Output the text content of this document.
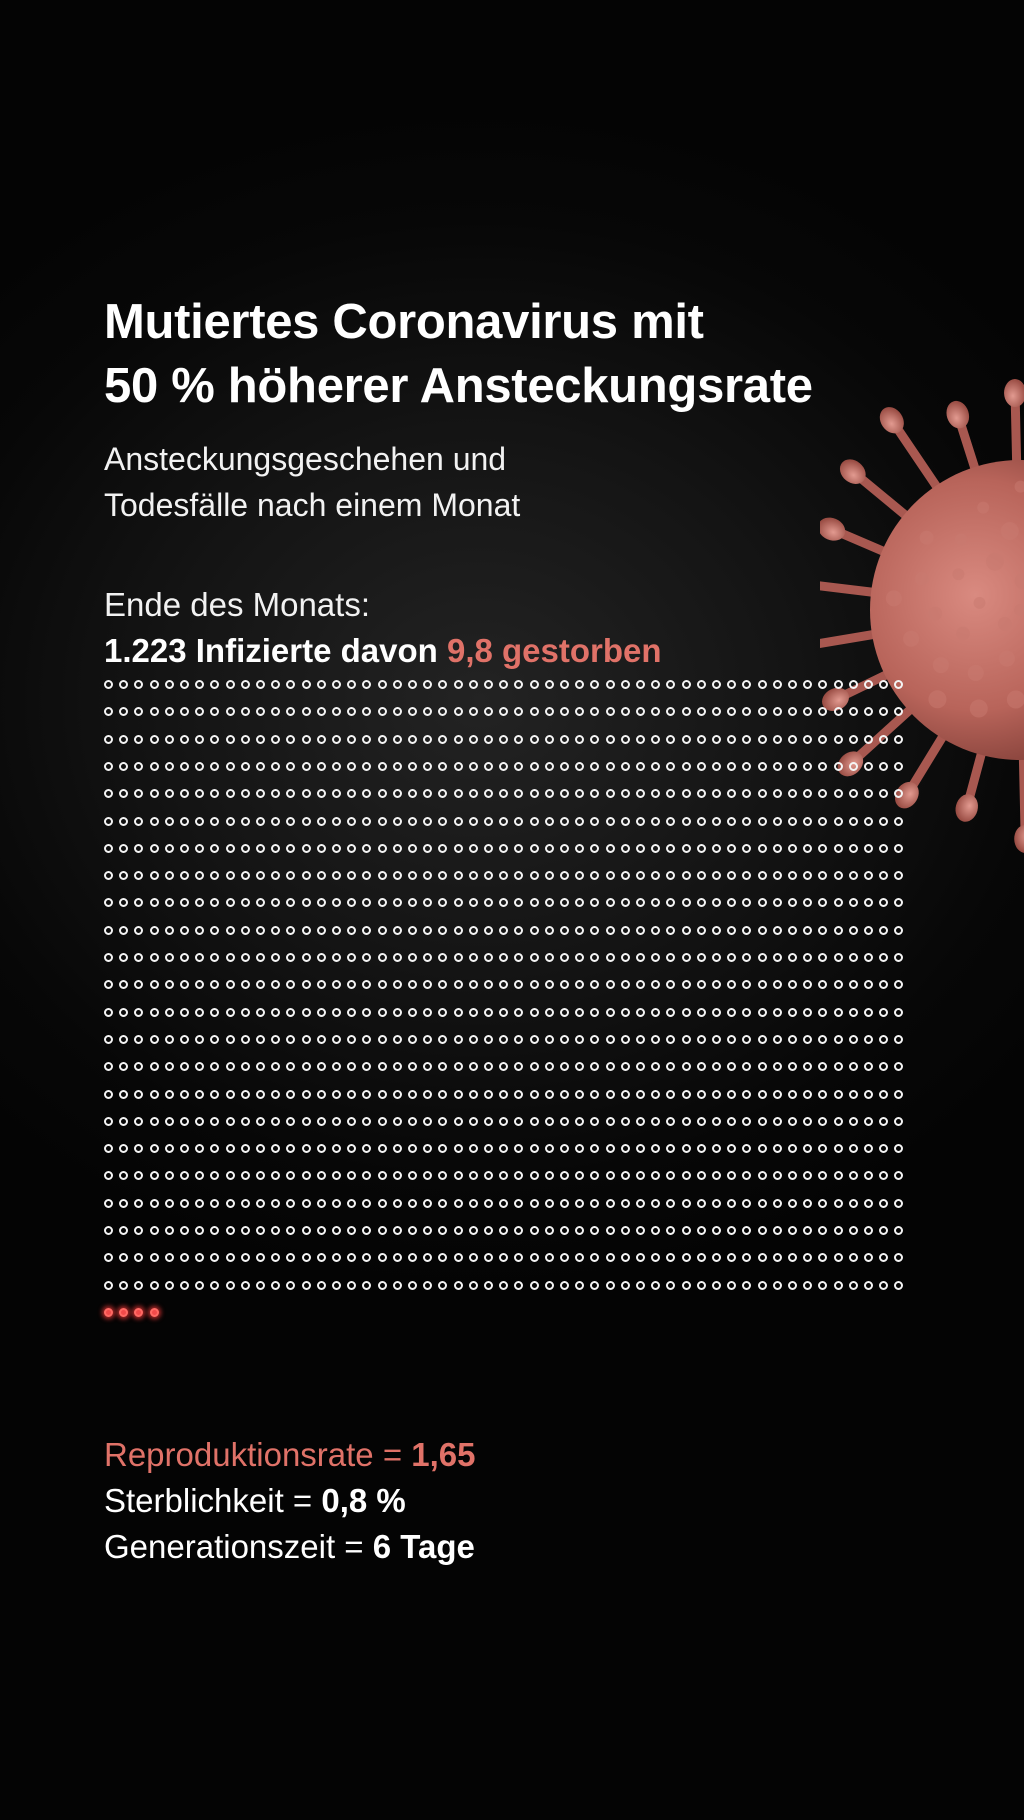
Mutiertes Coronavirus mit
50 % höherer Ansteckungsrate

Ansteckungsgeschehen und
Todesfälle nach einem Monat

Ende des Monats:
1.223 Infizierte davon 9,8 gestorben

Reproduktionsrate = 1,65
Sterblichkeit = 0,8 %
Generationszeit = 6 Tage
